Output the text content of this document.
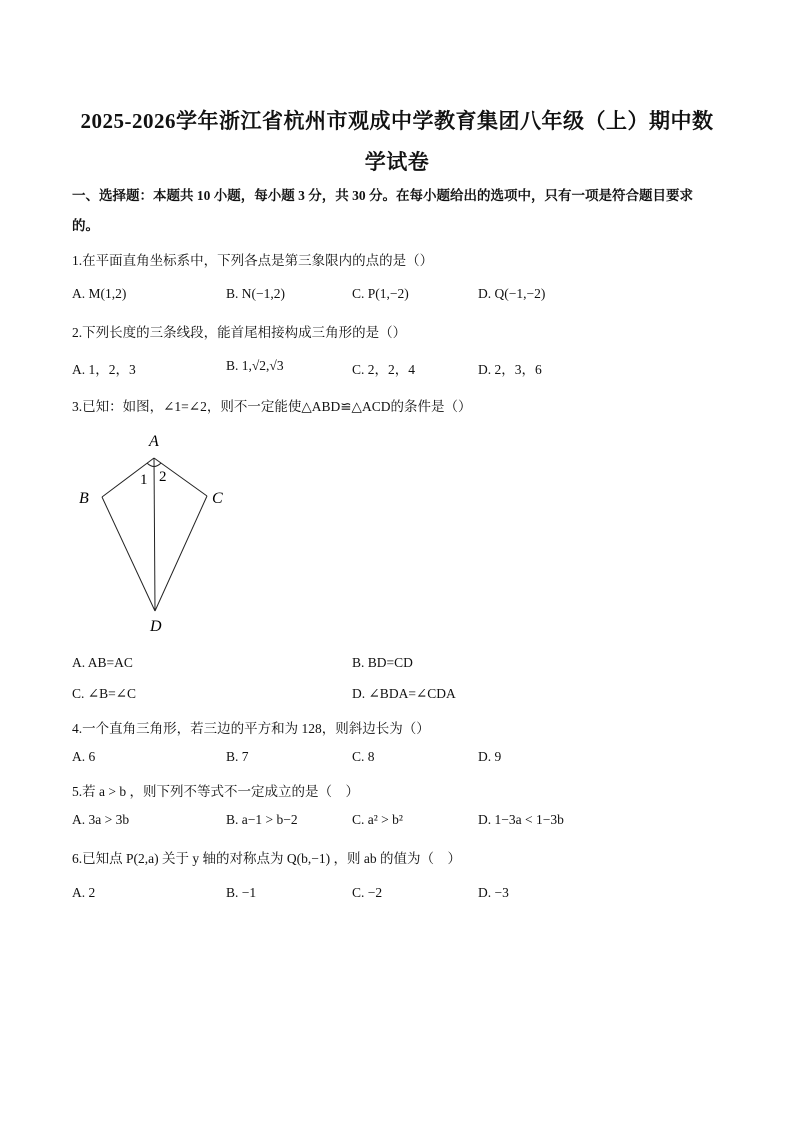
2025-2026学年浙江省杭州市观成中学教育集团八年级（上）期中数
学试卷
一、选择题：本题共 10 小题，每小题 3 分，共 30 分。在每小题给出的选项中，只有一项是符合题目要求
的。
1.在平面直角坐标系中，下列各点是第三象限内的点的是（）
A. M(1,2)	B. N(−1,2)	C. P(1,−2)	D. Q(−1,−2)
2.下列长度的三条线段，能首尾相接构成三角形的是（）
A. 1，2，3	B. 1,√2,√3	C. 2，2，4	D. 2，3，6
3.已知：如图，∠1=∠2，则不一定能使△ABD≌△ACD的条件是（）
A
B	C
D
1 2
A. AB=AC	B. BD=CD
C. ∠B=∠C	D. ∠BDA=∠CDA
4.一个直角三角形，若三边的平方和为 128，则斜边长为（）
A. 6	B. 7	C. 8	D. 9
5.若 a > b ，则下列不等式不一定成立的是（　）
A. 3a > 3b	B. a−1 > b−2	C. a² > b²	D. 1−3a < 1−3b
6.已知点 P(2,a) 关于 y 轴的对称点为 Q(b,−1) ，则 ab 的值为（　）
A. 2	B. −1	C. −2	D. −3
